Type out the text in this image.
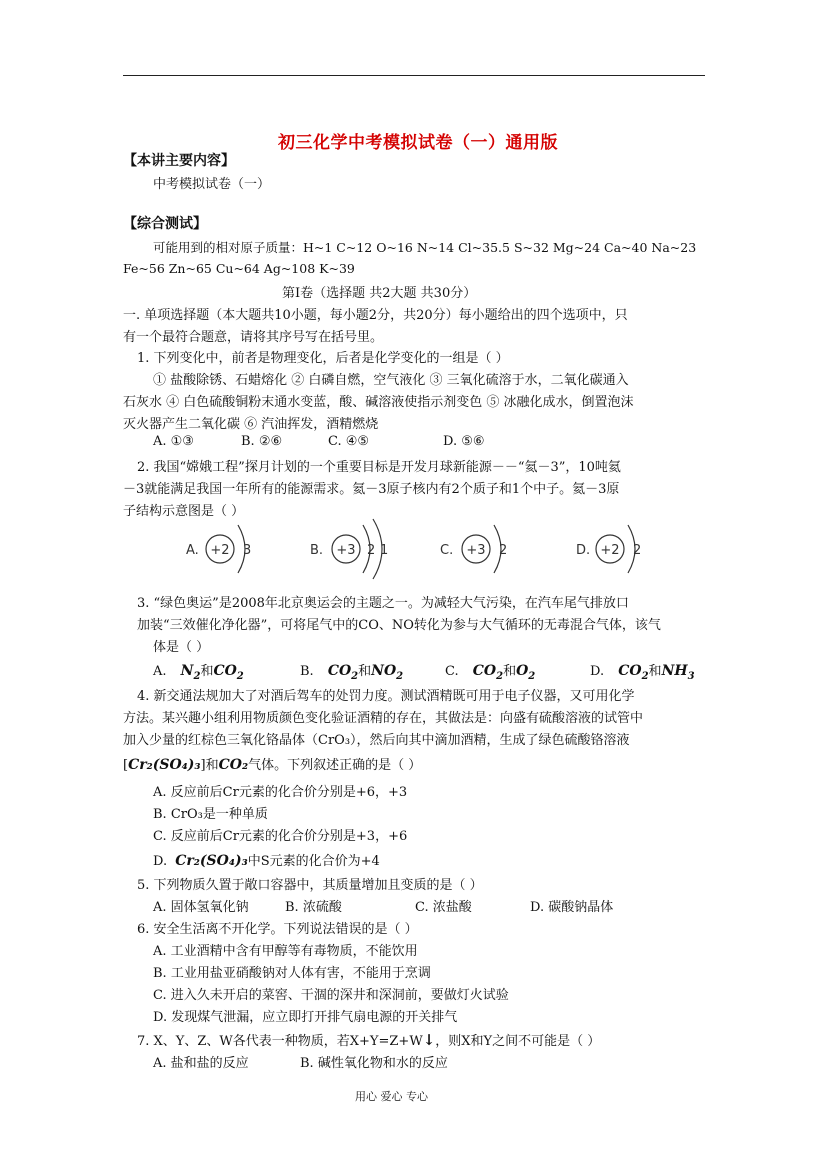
初三化学中考模拟试卷（一）通用版
【本讲主要内容】
中考模拟试卷（一）
【综合测试】
可能用到的相对原子质量：H~1 C~12 O~16 N~14 Cl~35.5 S~32 Mg~24 Ca~40 Na~23
Fe~56 Zn~65 Cu~64 Ag~108 K~39
第Ⅰ卷（选择题 共2大题 共30分）
一. 单项选择题（本大题共10小题，每小题2分，共20分）每小题给出的四个选项中，只
有一个最符合题意，请将其序号写在括号里。
1. 下列变化中，前者是物理变化，后者是化学变化的一组是（ ）
① 盐酸除锈、石蜡熔化 ② 白磷自燃，空气液化 ③ 三氧化硫溶于水，二氧化碳通入
石灰水 ④ 白色硫酸铜粉末通水变蓝，酸、碱溶液使指示剂变色 ⑤ 冰融化成水，倒置泡沫
灭火器产生二氧化碳 ⑥ 汽油挥发，酒精燃烧
A. ①③	B. ②⑥	C. ④⑤	D. ⑤⑥
2. 我国“嫦娥工程”探月计划的一个重要目标是开发月球新能源－－“氦－3”，10吨氦
－3就能满足我国一年所有的能源需求。氦－3原子核内有2个质子和1个中子。氦－3原
子结构示意图是（ ）
A. +2 3	B. +3 2 1	C. +3 2	D. +2 2
3. “绿色奥运”是2008年北京奥运会的主题之一。为减轻大气污染，在汽车尾气排放口
加装“三效催化净化器”，可将尾气中的CO、NO转化为参与大气循环的无毒混合气体，该气
体是（ ）
A. $N_2$和$CO_2$	B. $CO_2$和$NO_2$	C. $CO_2$和$O_2$	D. $CO_2$和$NH_3$
4. 新交通法规加大了对酒后驾车的处罚力度。测试酒精既可用于电子仪器，又可用化学
方法。某兴趣小组利用物质颜色变化验证酒精的存在，其做法是：向盛有硫酸溶液的试管中
加入少量的红棕色三氧化铬晶体（CrO₃），然后向其中滴加酒精，生成了绿色硫酸铬溶液
[Cr₂(SO₄)₃]和CO₂气体。下列叙述正确的是（ ）
A. 反应前后Cr元素的化合价分别是+6，+3
B. CrO₃是一种单质
C. 反应前后Cr元素的化合价分别是+3，+6
D. Cr₂(SO₄)₃中S元素的化合价为+4
5. 下列物质久置于敞口容器中，其质量增加且变质的是（ ）
A. 固体氢氧化钠	B. 浓硫酸	C. 浓盐酸	D. 碳酸钠晶体
6. 安全生活离不开化学。下列说法错误的是（ ）
A. 工业酒精中含有甲醇等有毒物质，不能饮用
B. 工业用盐亚硝酸钠对人体有害，不能用于烹调
C. 进入久未开启的菜窖、干涸的深井和深洞前，要做灯火试验
D. 发现煤气泄漏，应立即打开排气扇电源的开关排气
7. X、Y、Z、W各代表一种物质，若X+Y=Z+W↓，则X和Y之间不可能是（ ）
A. 盐和盐的反应	B. 碱性氧化物和水的反应
用心 爱心 专心
